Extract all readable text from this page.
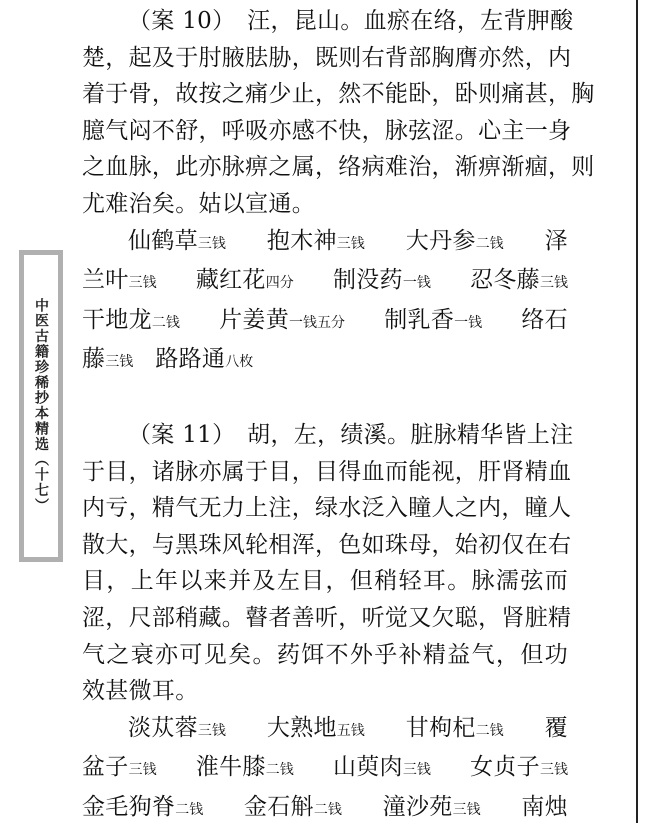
中医古籍珍稀抄本精选（十七）
（案 10）　汪，昆山。血瘀在络，左背胛酸
楚，起及于肘腋胠胁，既则右背部胸膺亦然，内
着于骨，故按之痛少止，然不能卧，卧则痛甚，胸
臆气闷不舒，呼吸亦感不快，脉弦涩。心主一身
之血脉，此亦脉痹之属，络病难治，渐痹渐痼，则
尤难治矣。姑以宣通。
仙鹤草三钱 抱木神三钱 大丹参二钱 泽
兰叶三钱 藏红花四分 制没药一钱 忍冬藤三钱
干地龙二钱 片姜黄一钱五分 制乳香一钱 络石
藤三钱 路路通八枚
（案 11）　胡，左，绩溪。脏脉精华皆上注
于目，诸脉亦属于目，目得血而能视，肝肾精血
内亏，精气无力上注，绿水泛入瞳人之内，瞳人
散大，与黑珠风轮相浑，色如珠母，始初仅在右
目，上年以来并及左目，但稍轻耳。脉濡弦而
涩，尺部稍藏。瞽者善听，听觉又欠聪，肾脏精
气之衰亦可见矣。药饵不外乎补精益气，但功
效甚微耳。
淡苁蓉三钱 大熟地五钱 甘枸杞二钱 覆
盆子三钱 淮牛膝二钱 山萸肉三钱 女贞子三钱
金毛狗脊二钱 金石斛二钱 潼沙苑三钱 南烛
